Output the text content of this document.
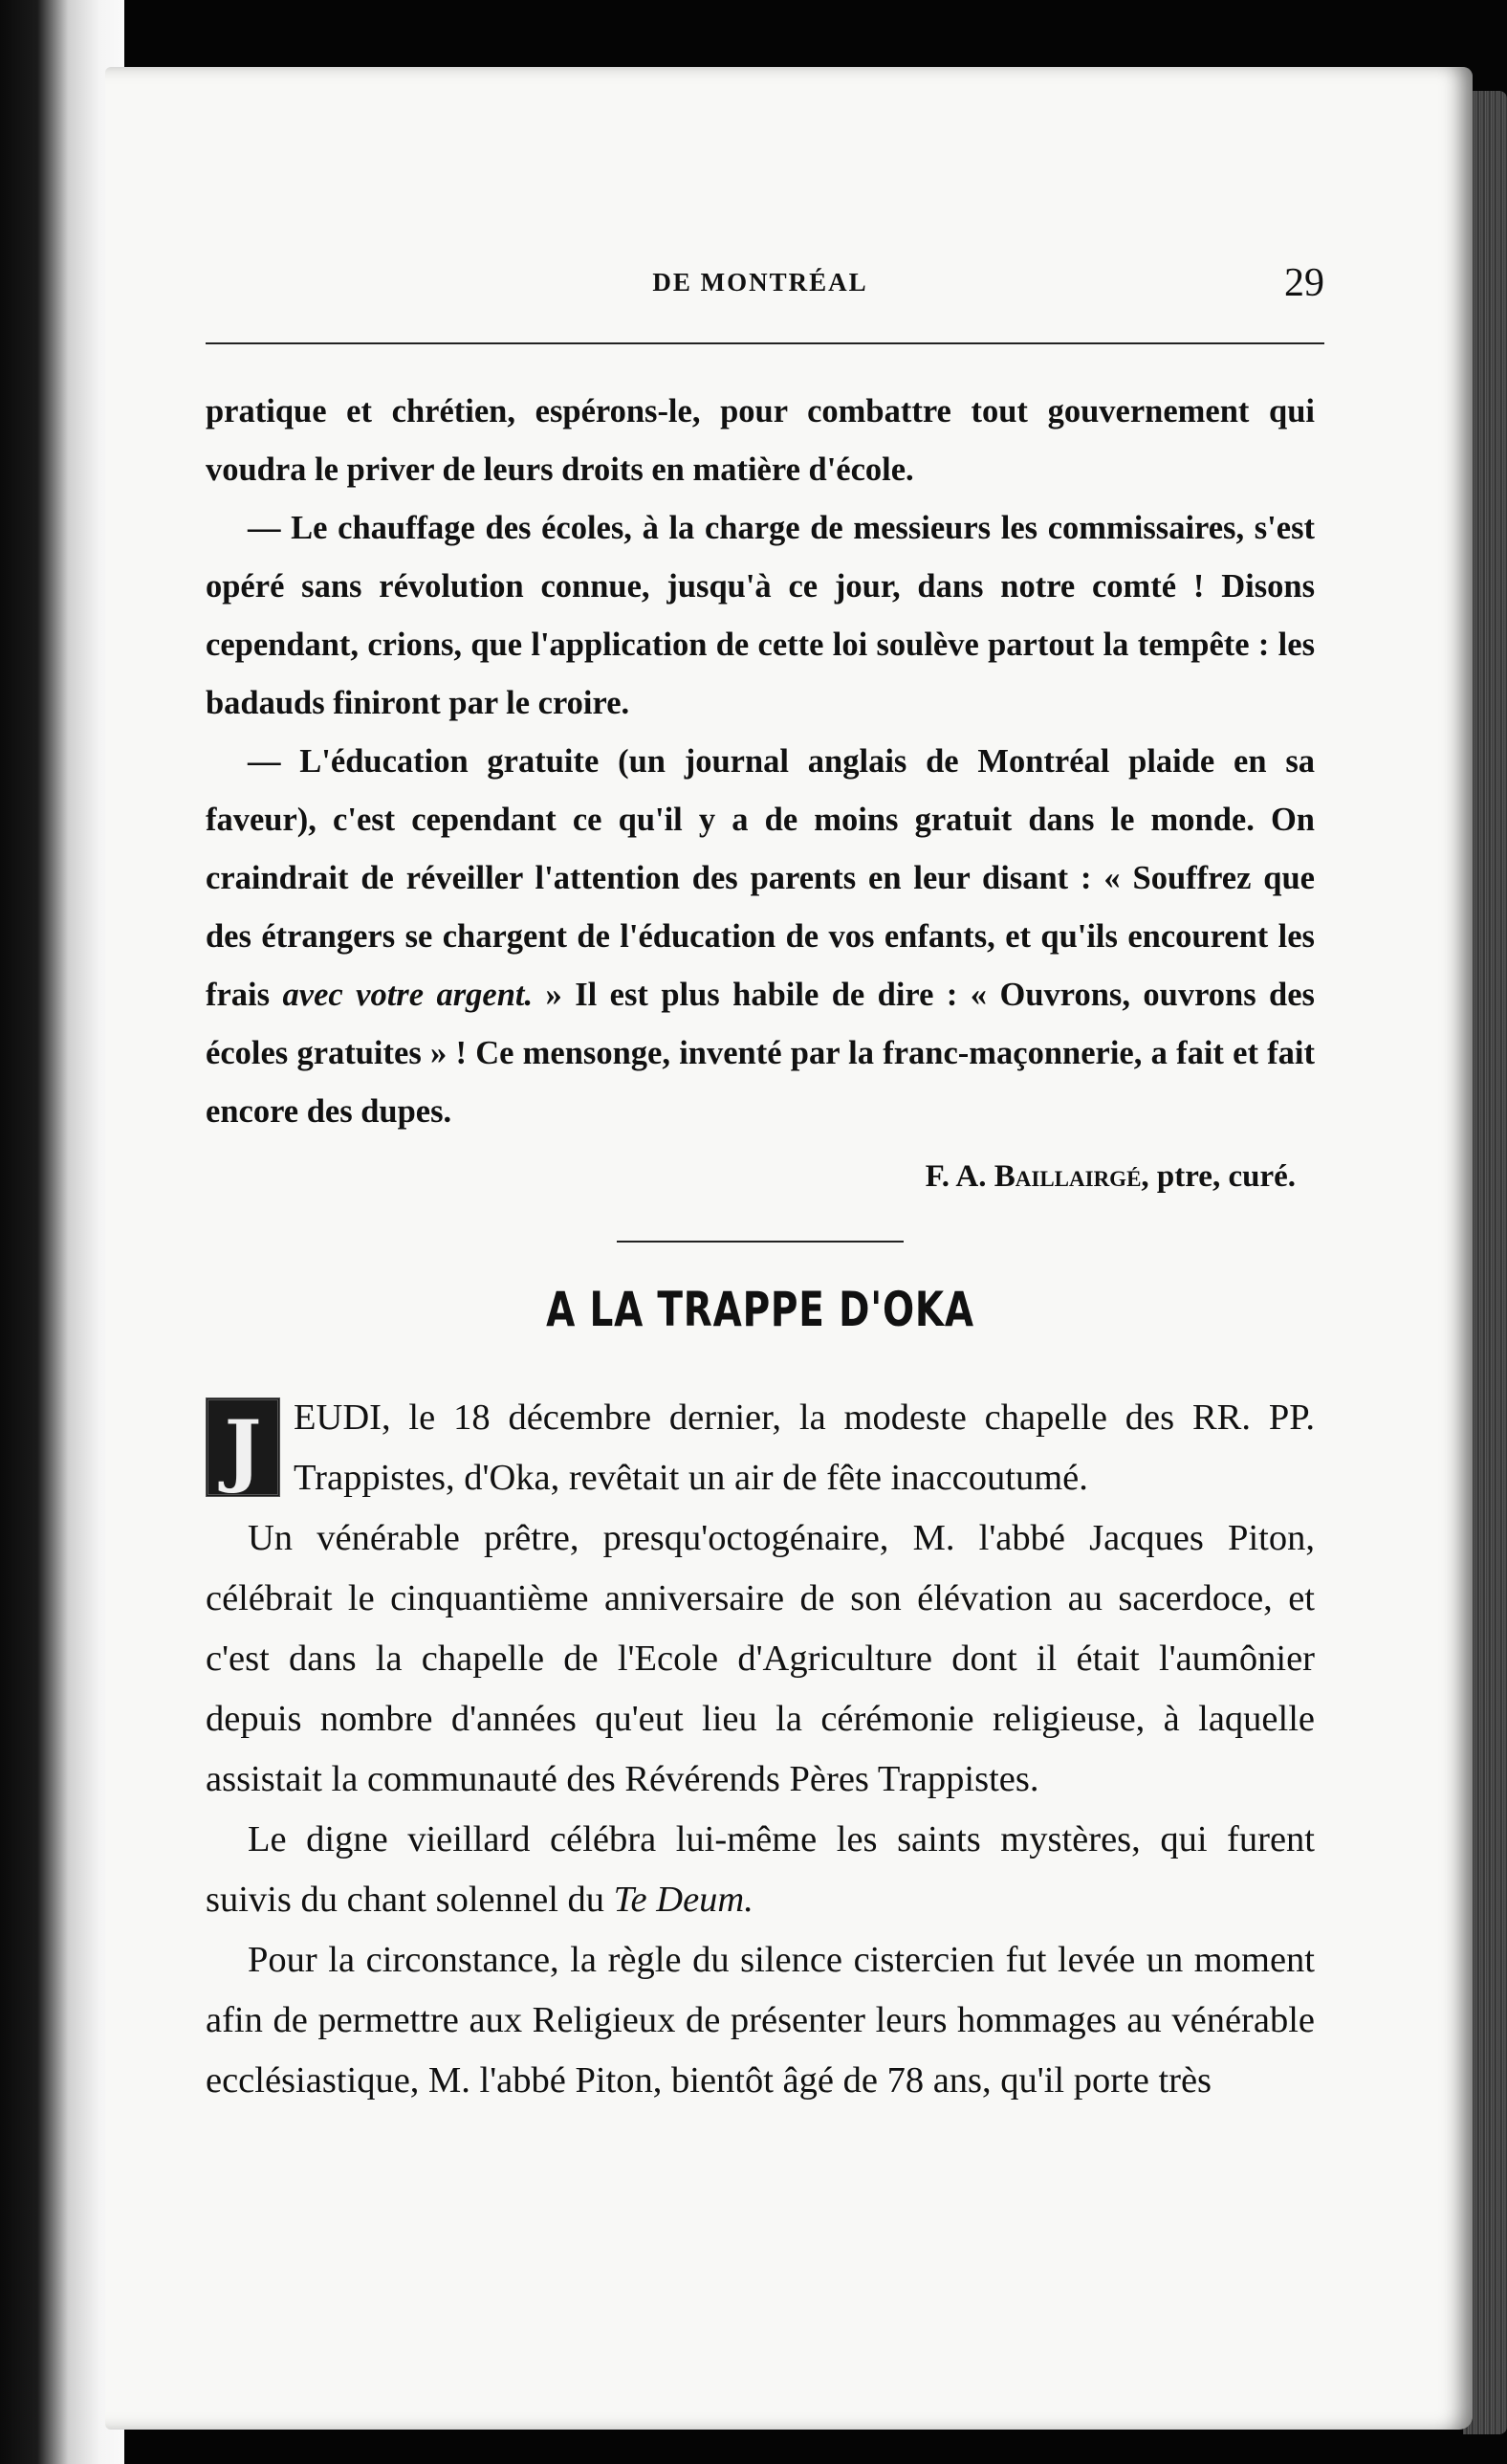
DE MONTRÉAL	29

pratique et chrétien, espérons-le, pour combattre tout gouvernement qui voudra le priver de leurs droits en matière d'école.

— Le chauffage des écoles, à la charge de messieurs les commissaires, s'est opéré sans révolution connue, jusqu'à ce jour, dans notre comté ! Disons cependant, crions, que l'application de cette loi soulève partout la tempête : les badauds finiront par le croire.

— L'éducation gratuite (un journal anglais de Montréal plaide en sa faveur), c'est cependant ce qu'il y a de moins gratuit dans le monde. On craindrait de réveiller l'attention des parents en leur disant : « Souffrez que des étrangers se chargent de l'éducation de vos enfants, et qu'ils encourent les frais avec votre argent. » Il est plus habile de dire : « Ouvrons, ouvrons des écoles gratuites » ! Ce mensonge, inventé par la franc-maçonnerie, a fait et fait encore des dupes.

F. A. Baillairgé, ptre, curé.
A LA TRAPPE D'OKA
J EUDI, le 18 décembre dernier, la modeste chapelle des RR. PP. Trappistes, d'Oka, revêtait un air de fête inaccoutumé.

Un vénérable prêtre, presqu'octogénaire, M. l'abbé Jacques Piton, célébrait le cinquantième anniversaire de son élévation au sacerdoce, et c'est dans la chapelle de l'Ecole d'Agriculture dont il était l'aumônier depuis nombre d'années qu'eut lieu la cérémonie religieuse, à laquelle assistait la communauté des Révérends Pères Trappistes.

Le digne vieillard célébra lui-même les saints mystères, qui furent suivis du chant solennel du Te Deum.

Pour la circonstance, la règle du silence cistercien fut levée un moment afin de permettre aux Religieux de présenter leurs hommages au vénérable ecclésiastique, M. l'abbé Piton, bientôt âgé de 78 ans, qu'il porte très
